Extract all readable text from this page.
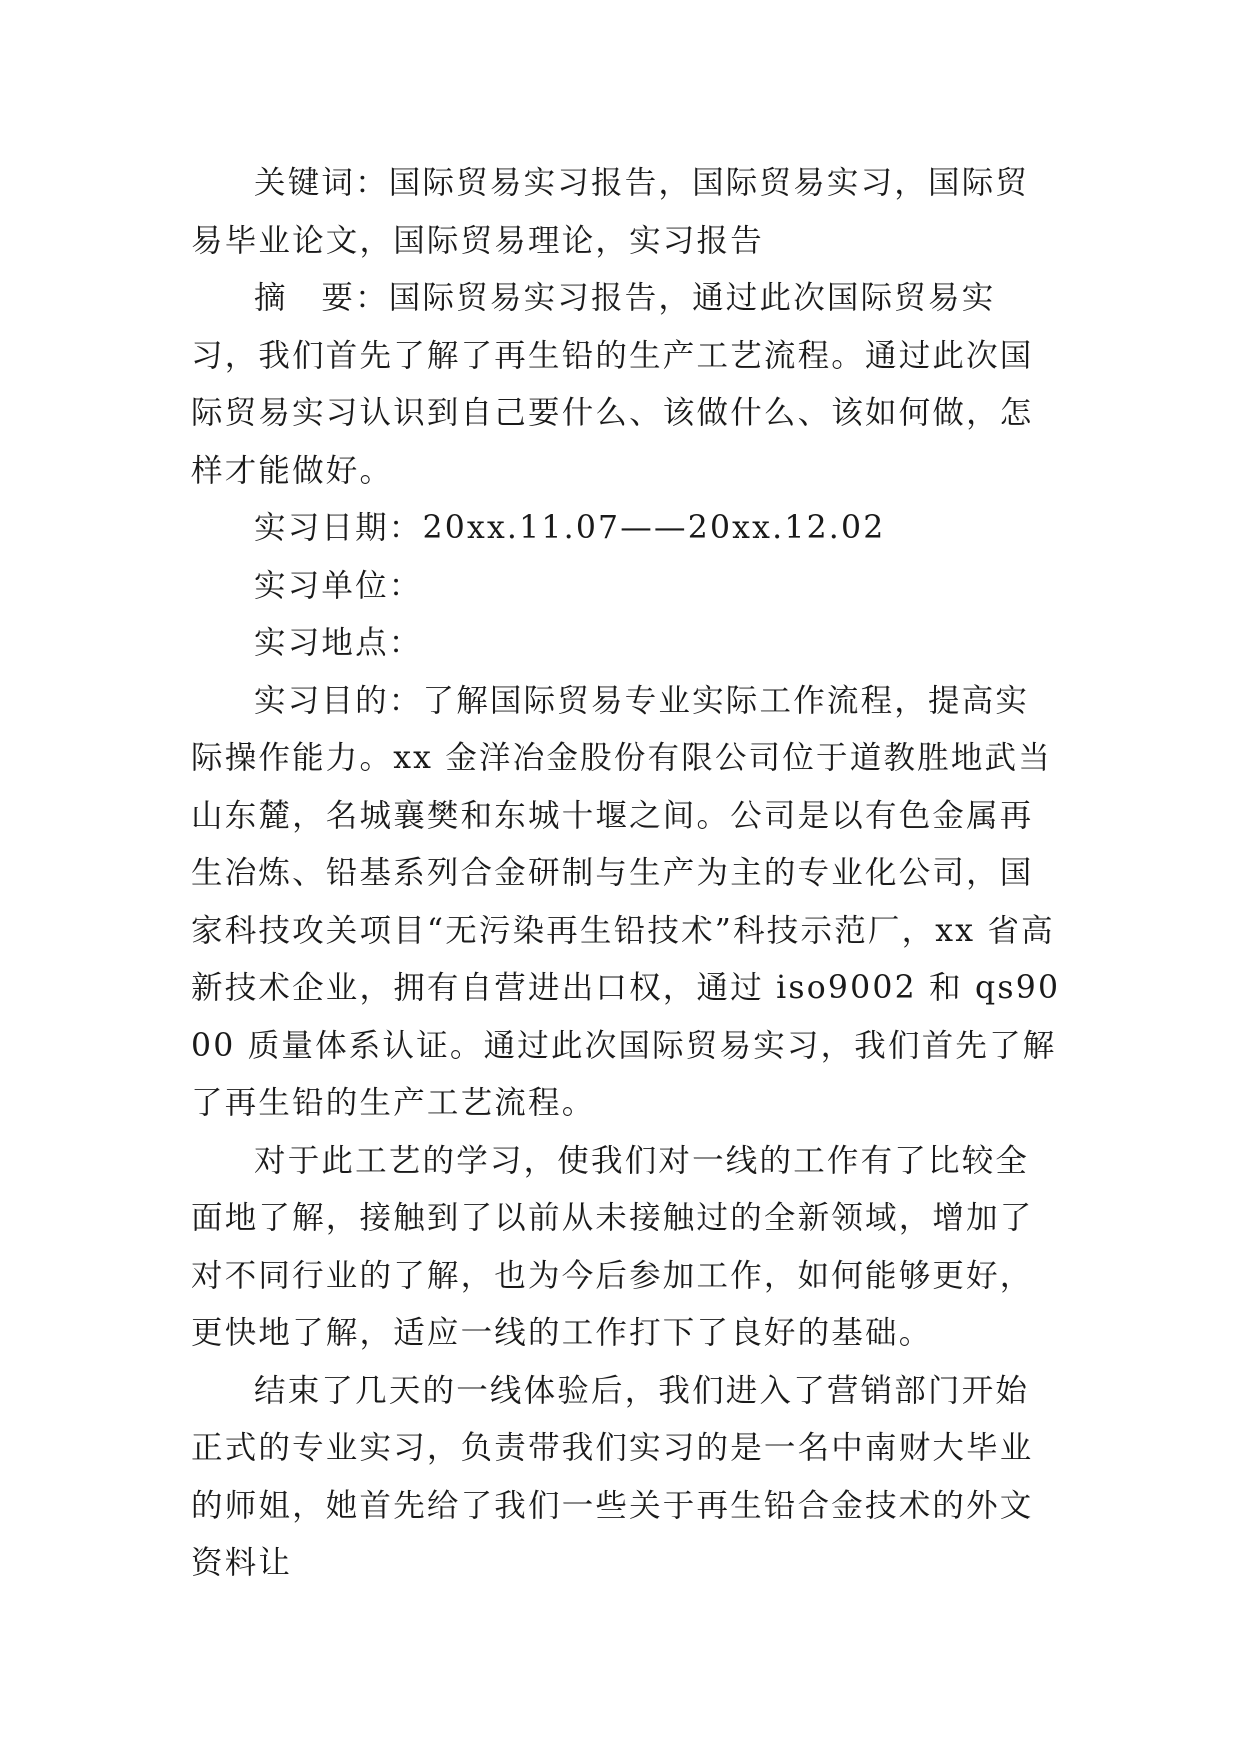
关键词：国际贸易实习报告，国际贸易实习，国际贸易毕业论文，国际贸易理论，实习报告

摘　要：国际贸易实习报告，通过此次国际贸易实习，我们首先了解了再生铅的生产工艺流程。通过此次国际贸易实习认识到自己要什么、该做什么、该如何做，怎样才能做好。

实习日期：20xx.11.07——20xx.12.02

实习单位：

实习地点：

实习目的：了解国际贸易专业实际工作流程，提高实际操作能力。xx 金洋冶金股份有限公司位于道教胜地武当山东麓，名城襄樊和东城十堰之间。公司是以有色金属再生冶炼、铅基系列合金研制与生产为主的专业化公司，国家科技攻关项目“无污染再生铅技术”科技示范厂，xx 省高新技术企业，拥有自营进出口权，通过 iso9002 和 qs9000 质量体系认证。通过此次国际贸易实习，我们首先了解了再生铅的生产工艺流程。

对于此工艺的学习，使我们对一线的工作有了比较全面地了解，接触到了以前从未接触过的全新领域，增加了对不同行业的了解，也为今后参加工作，如何能够更好，更快地了解，适应一线的工作打下了良好的基础。

结束了几天的一线体验后，我们进入了营销部门开始正式的专业实习，负责带我们实习的是一名中南财大毕业的师姐，她首先给了我们一些关于再生铅合金技术的外文资料让
